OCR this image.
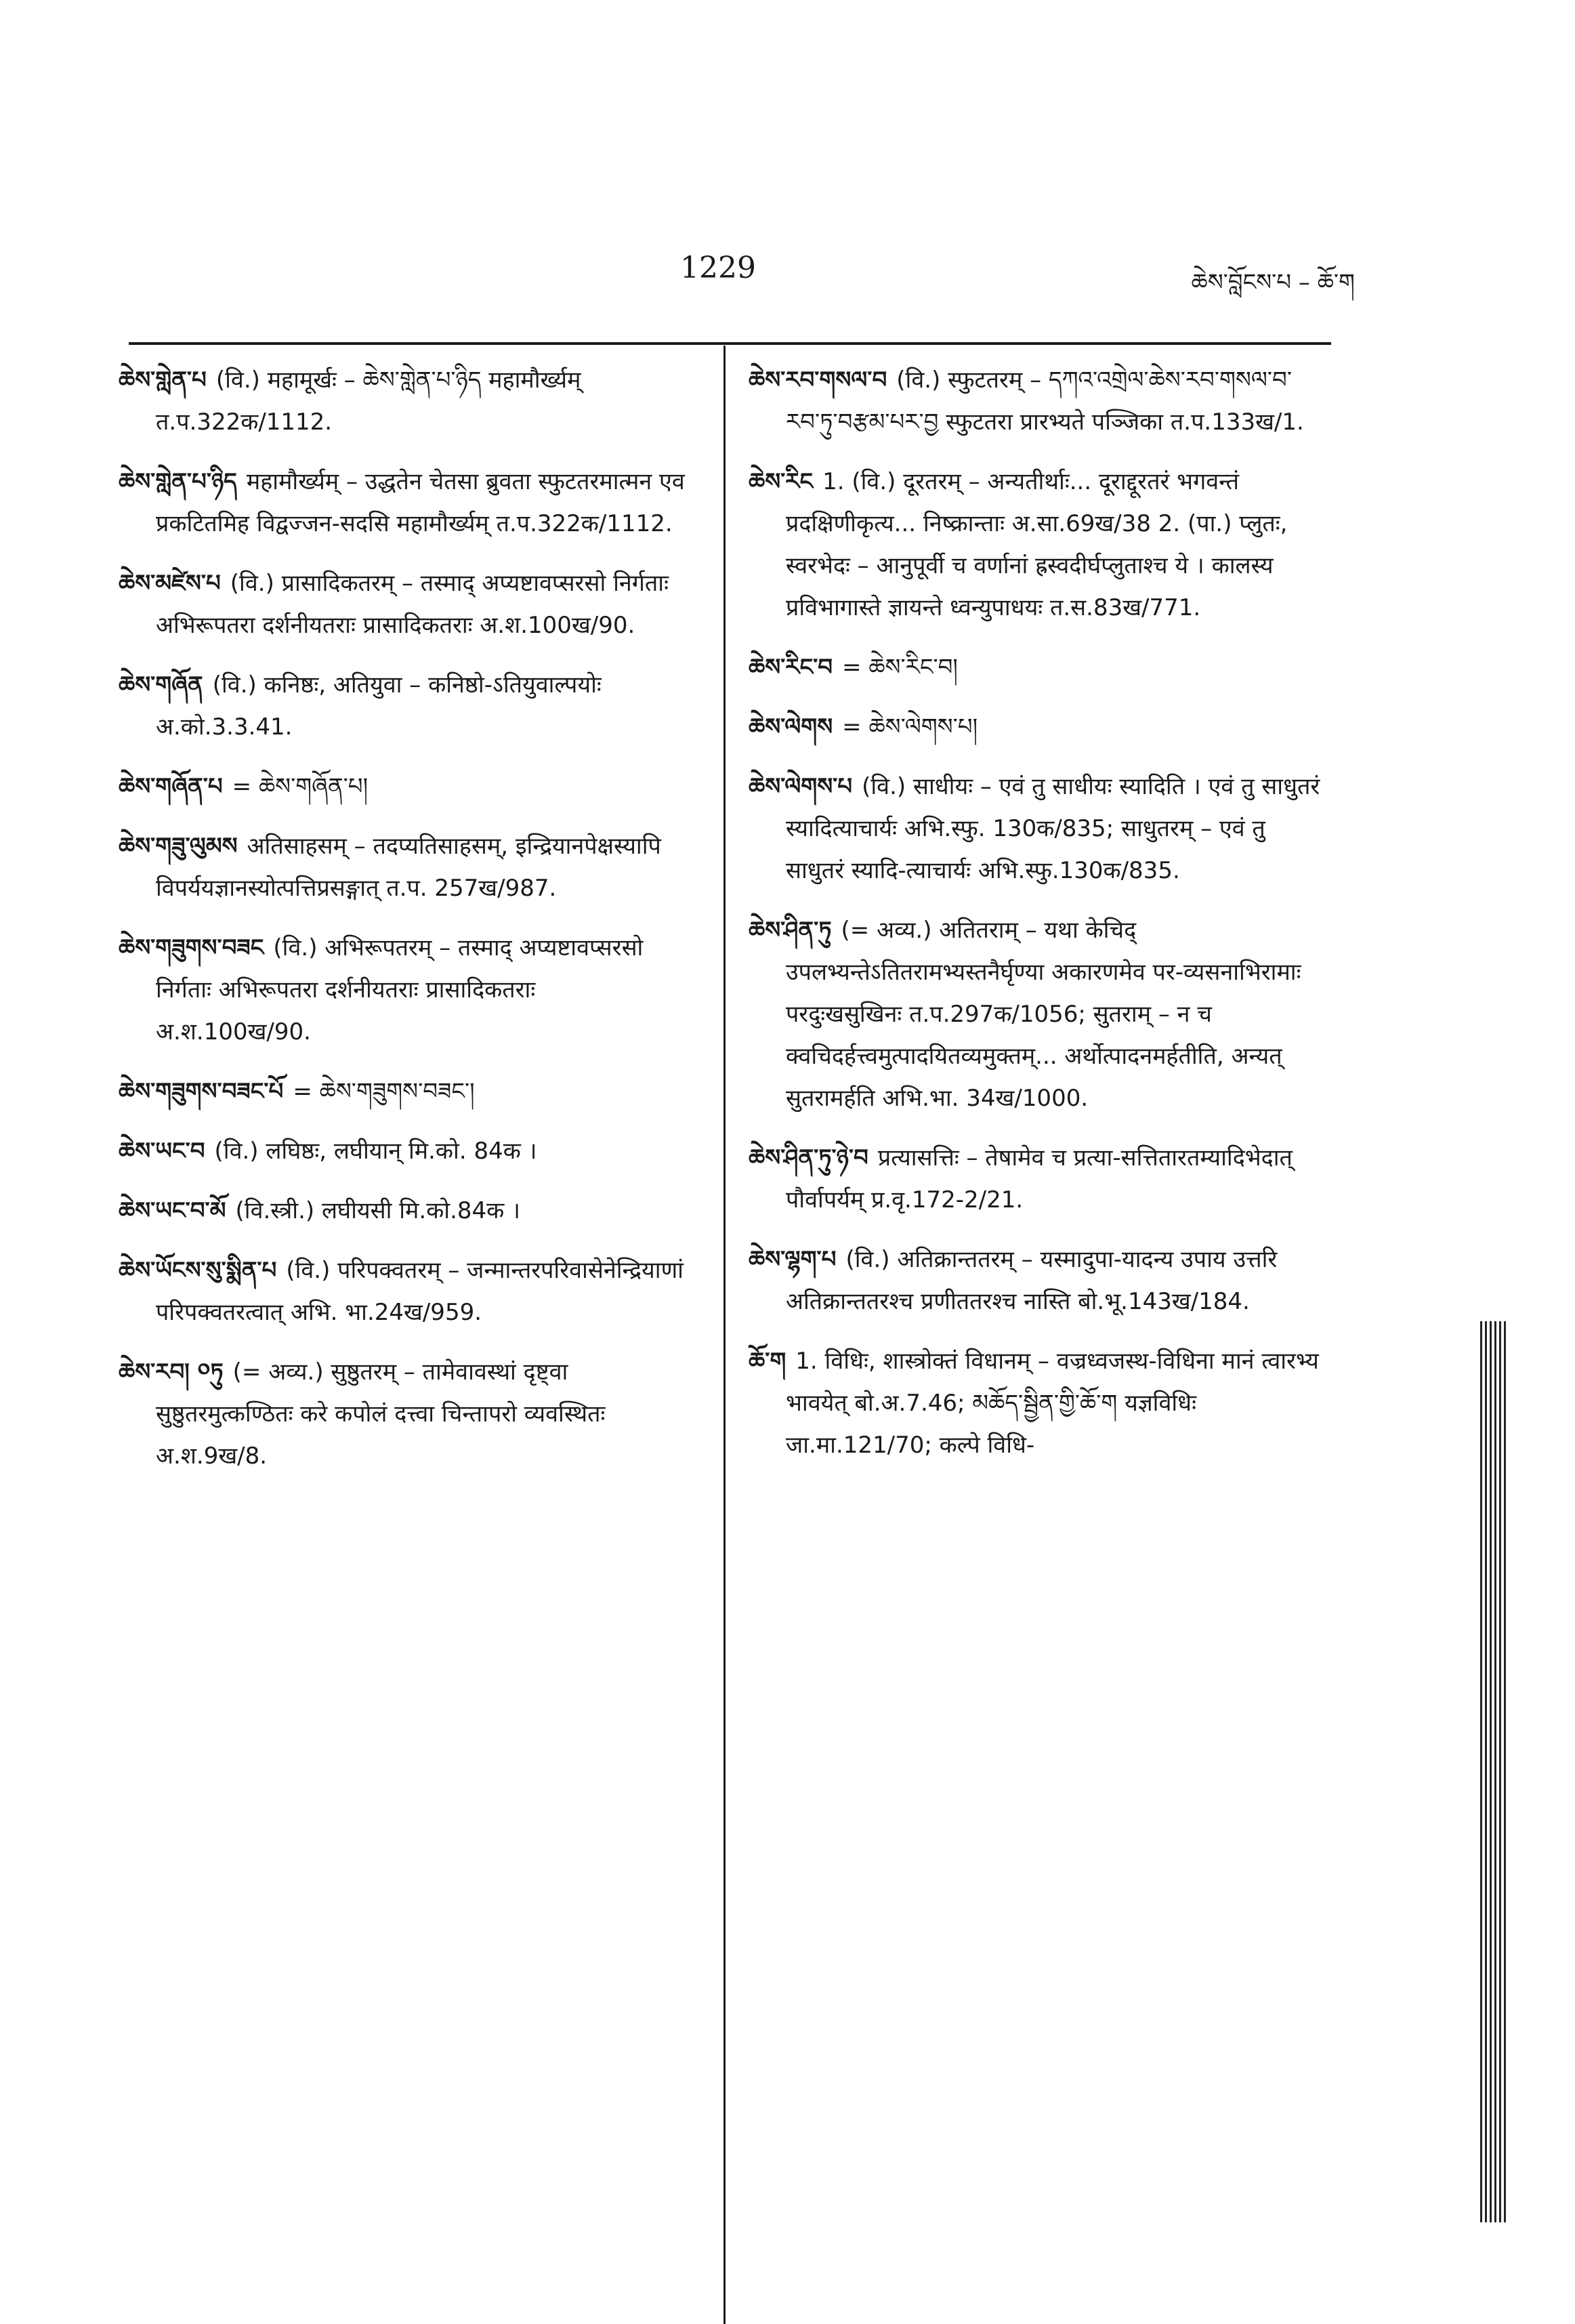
1229	ཆེས་བློངས་པ – ཆོ་ག
ཆེས་གླེན་པ (वि.) महामूर्खः – ཆེས་གླེན་པ་ཉིད महामौर्ख्यम् त.प.322क/1112.
ཆེས་གླེན་པ་ཉིད महामौर्ख्यम् – उद्धतेन चेतसा ब्रुवता स्फुटतरमात्मन एव प्रकटितमिह विद्वज्जन-सदसि महामौर्ख्यम् त.प.322क/1112.
ཆེས་མཛེས་པ (वि.) प्रासादिकतरम् – तस्माद् अप्यष्टावप्सरसो निर्गताः अभिरूपतरा दर्शनीयतराः प्रासादिकतराः अ.श.100ख/90.
ཆེས་གཞོན (वि.) कनिष्ठः, अतियुवा – कनिष्ठो-ऽतियुवाल्पयोः अ.को.3.3.41.
ཆེས་གཞོན་པ = ཆེས་གཞོན་པ།
ཆེས་གཟུ་ལུམས अतिसाहसम् – तदप्यतिसाहसम्, इन्द्रियानपेक्षस्यापि विपर्ययज्ञानस्योत्पत्तिप्रसङ्गात् त.प. 257ख/987.
ཆེས་གཟུགས་བཟང (वि.) अभिरूपतरम् – तस्माद् अप्यष्टावप्सरसो निर्गताः अभिरूपतरा दर्शनीयतराः प्रासादिकतराः अ.श.100ख/90.
ཆེས་གཟུགས་བཟང་པོ = ཆེས་གཟུགས་བཟང་།
ཆེས་ཡང་བ (वि.) लघिष्ठः, लघीयान् मि.को. 84क ।
ཆེས་ཡང་བ་མོ (वि.स्त्री.) लघीयसी मि.को.84क ।
ཆེས་ཡོངས་སུ་སྨིན་པ (वि.) परिपक्वतरम् – जन्मान्तरपरिवासेनेन्द्रियाणां परिपक्वतरत्वात् अभि. भा.24ख/959.
ཆེས་རབ། ༠ཏུ (= अव्य.) सुष्ठुतरम् – तामेवावस्थां दृष्ट्वा सुष्ठुतरमुत्कण्ठितः करे कपोलं दत्त्वा चिन्तापरो व्यवस्थितः अ.श.9ख/8.
ཆེས་རབ་གསལ་བ (वि.) स्फुटतरम् – དཀའ་འགྲེལ་ཆེས་རབ་གསལ་བ་རབ་ཏུ་བརྩམ་པར་བྱ स्फुटतरा प्रारभ्यते पञ्जिका त.प.133ख/1.
ཆེས་རིང 1. (वि.) दूरतरम् – अन्यतीर्थाः... दूराद्दूरतरं भगवन्तं प्रदक्षिणीकृत्य... निष्क्रान्ताः अ.सा.69ख/38 2. (पा.) प्लुतः, स्वरभेदः – आनुपूर्वी च वर्णानां ह्रस्वदीर्घप्लुताश्च ये । कालस्य प्रविभागास्ते ज्ञायन्ते ध्वन्युपाधयः त.स.83ख/771.
ཆེས་རིང་བ = ཆེས་རིང་བ།
ཆེས་ལེགས = ཆེས་ལེགས་པ།
ཆེས་ལེགས་པ (वि.) साधीयः – एवं तु साधीयः स्यादिति । एवं तु साधुतरं स्यादित्याचार्यः अभि.स्फु. 130क/835; साधुतरम् – एवं तु साधुतरं स्यादि-त्याचार्यः अभि.स्फु.130क/835.
ཆེས་ཤིན་ཏུ (= अव्य.) अतितराम् – यथा केचिद् उपलभ्यन्तेऽतितरामभ्यस्तनैर्घृण्या अकारणमेव पर-व्यसनाभिरामाः परदुःखसुखिनः त.प.297क/1056; सुतराम् – न च क्वचिदर्हत्त्वमुत्पादयितव्यमुक्तम्... अर्थोत्पादनमर्हतीति, अन्यत् सुतरामर्हति अभि.भा. 34ख/1000.
ཆེས་ཤིན་ཏུ་ཉེ་བ प्रत्यासत्तिः – तेषामेव च प्रत्या-सत्तितारतम्यादिभेदात् पौर्वापर्यम् प्र.वृ.172-2/21.
ཆེས་ལྷག་པ (वि.) अतिक्रान्ततरम् – यस्मादुपा-यादन्य उपाय उत्तरि अतिक्रान्ततरश्च प्रणीततरश्च नास्ति बो.भू.143ख/184.
ཆོ་ག 1. विधिः, शास्त्रोक्तं विधानम् – वज्रध्वजस्थ-विधिना मानं त्वारभ्य भावयेत् बो.अ.7.46; མཆོད་སྦྱིན་གྱི་ཆོ་ག यज्ञविधिः जा.मा.121/70; कल्पे विधि-
